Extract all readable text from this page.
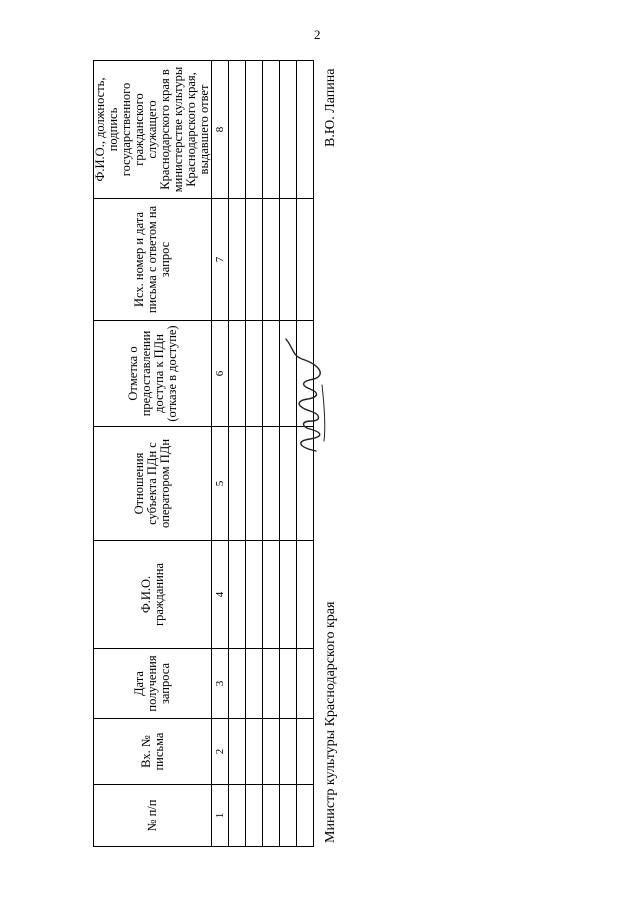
2
№ п/п	Вх. № письма	Дата получения запроса	Ф.И.О. гражданина	Отношения субъекта ПДн с оператором ПДн	Отметка о предоставлении доступа к ПДн (отказе в доступе)	Исх. номер и дата письма с ответом на запрос	Ф.И.О., должность, подпись государственного гражданского служащего Краснодарского края в министерстве культуры Краснодарского края, выдавшего ответ
1	2	3	4	5	6	7	8

Министр культуры Краснодарского края
В.Ю. Лапина
